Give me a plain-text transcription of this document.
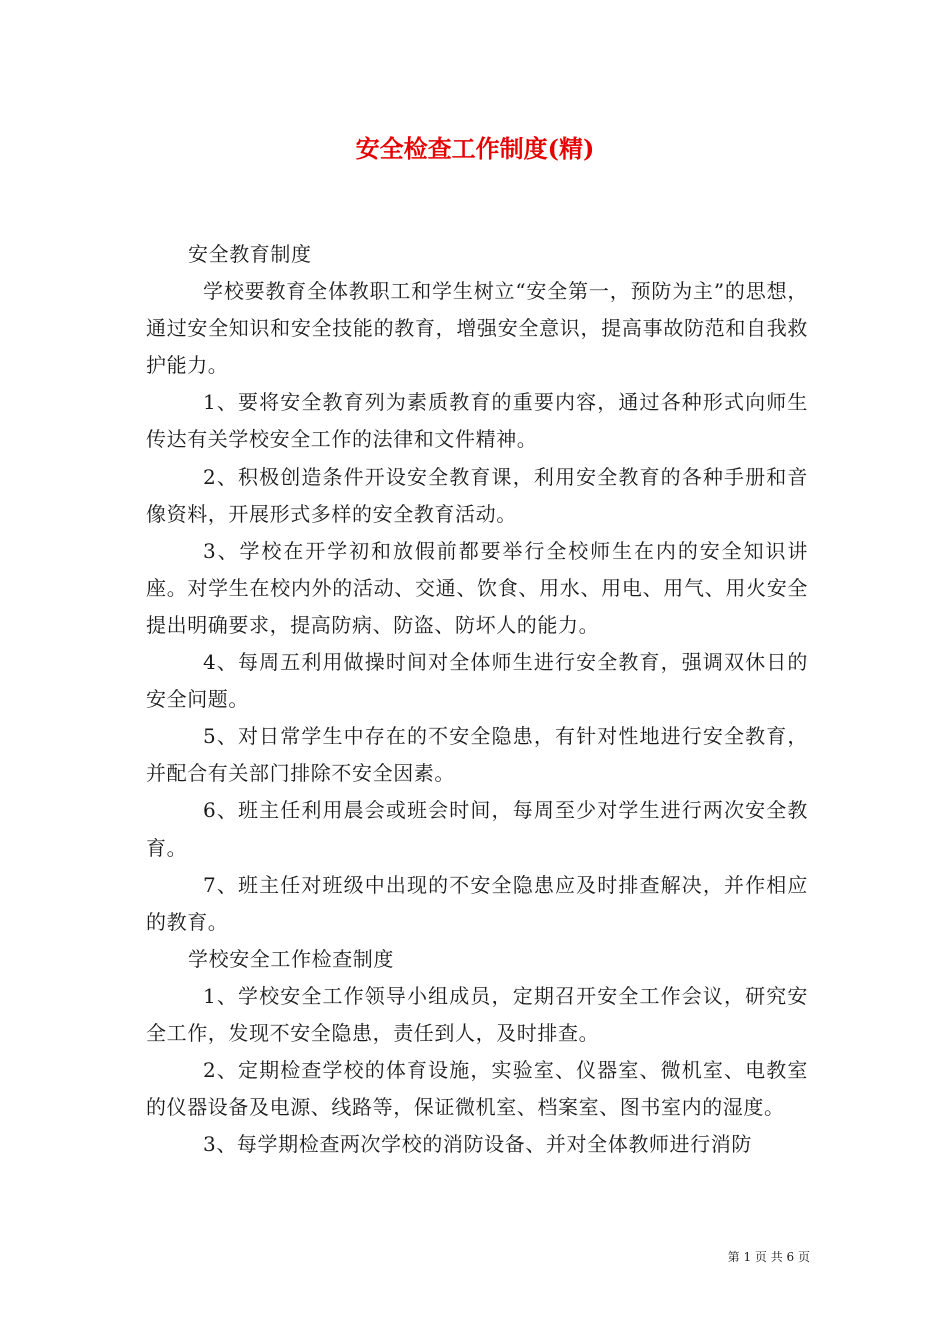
安全检查工作制度(精)

安全教育制度

学校要教育全体教职工和学生树立“安全第一，预防为主”的思想，通过安全知识和安全技能的教育，增强安全意识，提高事故防范和自我救护能力。

1、要将安全教育列为素质教育的重要内容，通过各种形式向师生传达有关学校安全工作的法律和文件精神。

2、积极创造条件开设安全教育课，利用安全教育的各种手册和音像资料，开展形式多样的安全教育活动。

3、学校在开学初和放假前都要举行全校师生在内的安全知识讲座。对学生在校内外的活动、交通、饮食、用水、用电、用气、用火安全提出明确要求，提高防病、防盗、防坏人的能力。

4、每周五利用做操时间对全体师生进行安全教育，强调双休日的安全问题。

5、对日常学生中存在的不安全隐患，有针对性地进行安全教育，并配合有关部门排除不安全因素。

6、班主任利用晨会或班会时间，每周至少对学生进行两次安全教育。

7、班主任对班级中出现的不安全隐患应及时排查解决，并作相应的教育。

学校安全工作检查制度

1、学校安全工作领导小组成员，定期召开安全工作会议，研究安全工作，发现不安全隐患，责任到人，及时排查。

2、定期检查学校的体育设施，实验室、仪器室、微机室、电教室的仪器设备及电源、线路等，保证微机室、档案室、图书室内的湿度。

3、每学期检查两次学校的消防设备、并对全体教师进行消防

第 1 页 共 6 页
